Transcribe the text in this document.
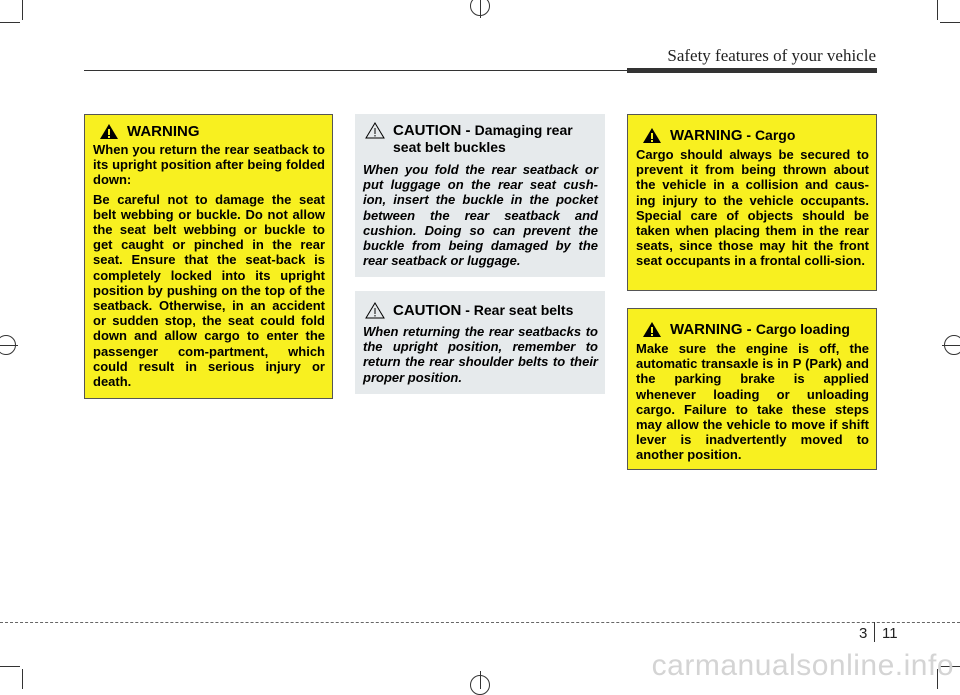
Safety features of your vehicle
WARNING

When you return the rear seatback to its upright position after being folded down:

Be careful not to damage the seat belt webbing or buckle. Do not allow the seat belt webbing or buckle to get caught or pinched in the rear seat. Ensure that the seat-back is completely locked into its upright position by pushing on the top of the seatback. Otherwise, in an accident or sudden stop, the seat could fold down and allow cargo to enter the passenger com-partment, which could result in serious injury or death.

CAUTION - Damaging rear seat belt buckles

When you fold the rear seatback or put luggage on the rear seat cush-ion, insert the buckle in the pocket between the rear seatback and cushion. Doing so can prevent the buckle from being damaged by the rear seatback or luggage.

CAUTION - Rear seat belts

When returning the rear seatbacks to the upright position, remember to return the rear shoulder belts to their proper position.

WARNING - Cargo

Cargo should always be secured to prevent it from being thrown about the vehicle in a collision and caus-ing injury to the vehicle occupants. Special care of objects should be taken when placing them in the rear seats, since those may hit the front seat occupants in a frontal colli-sion.

WARNING - Cargo loading

Make sure the engine is off, the automatic transaxle is in P (Park) and the parking brake is applied whenever loading or unloading cargo. Failure to take these steps may allow the vehicle to move if shift lever is inadvertently moved to another position.

3 11
carmanualsonline.info
